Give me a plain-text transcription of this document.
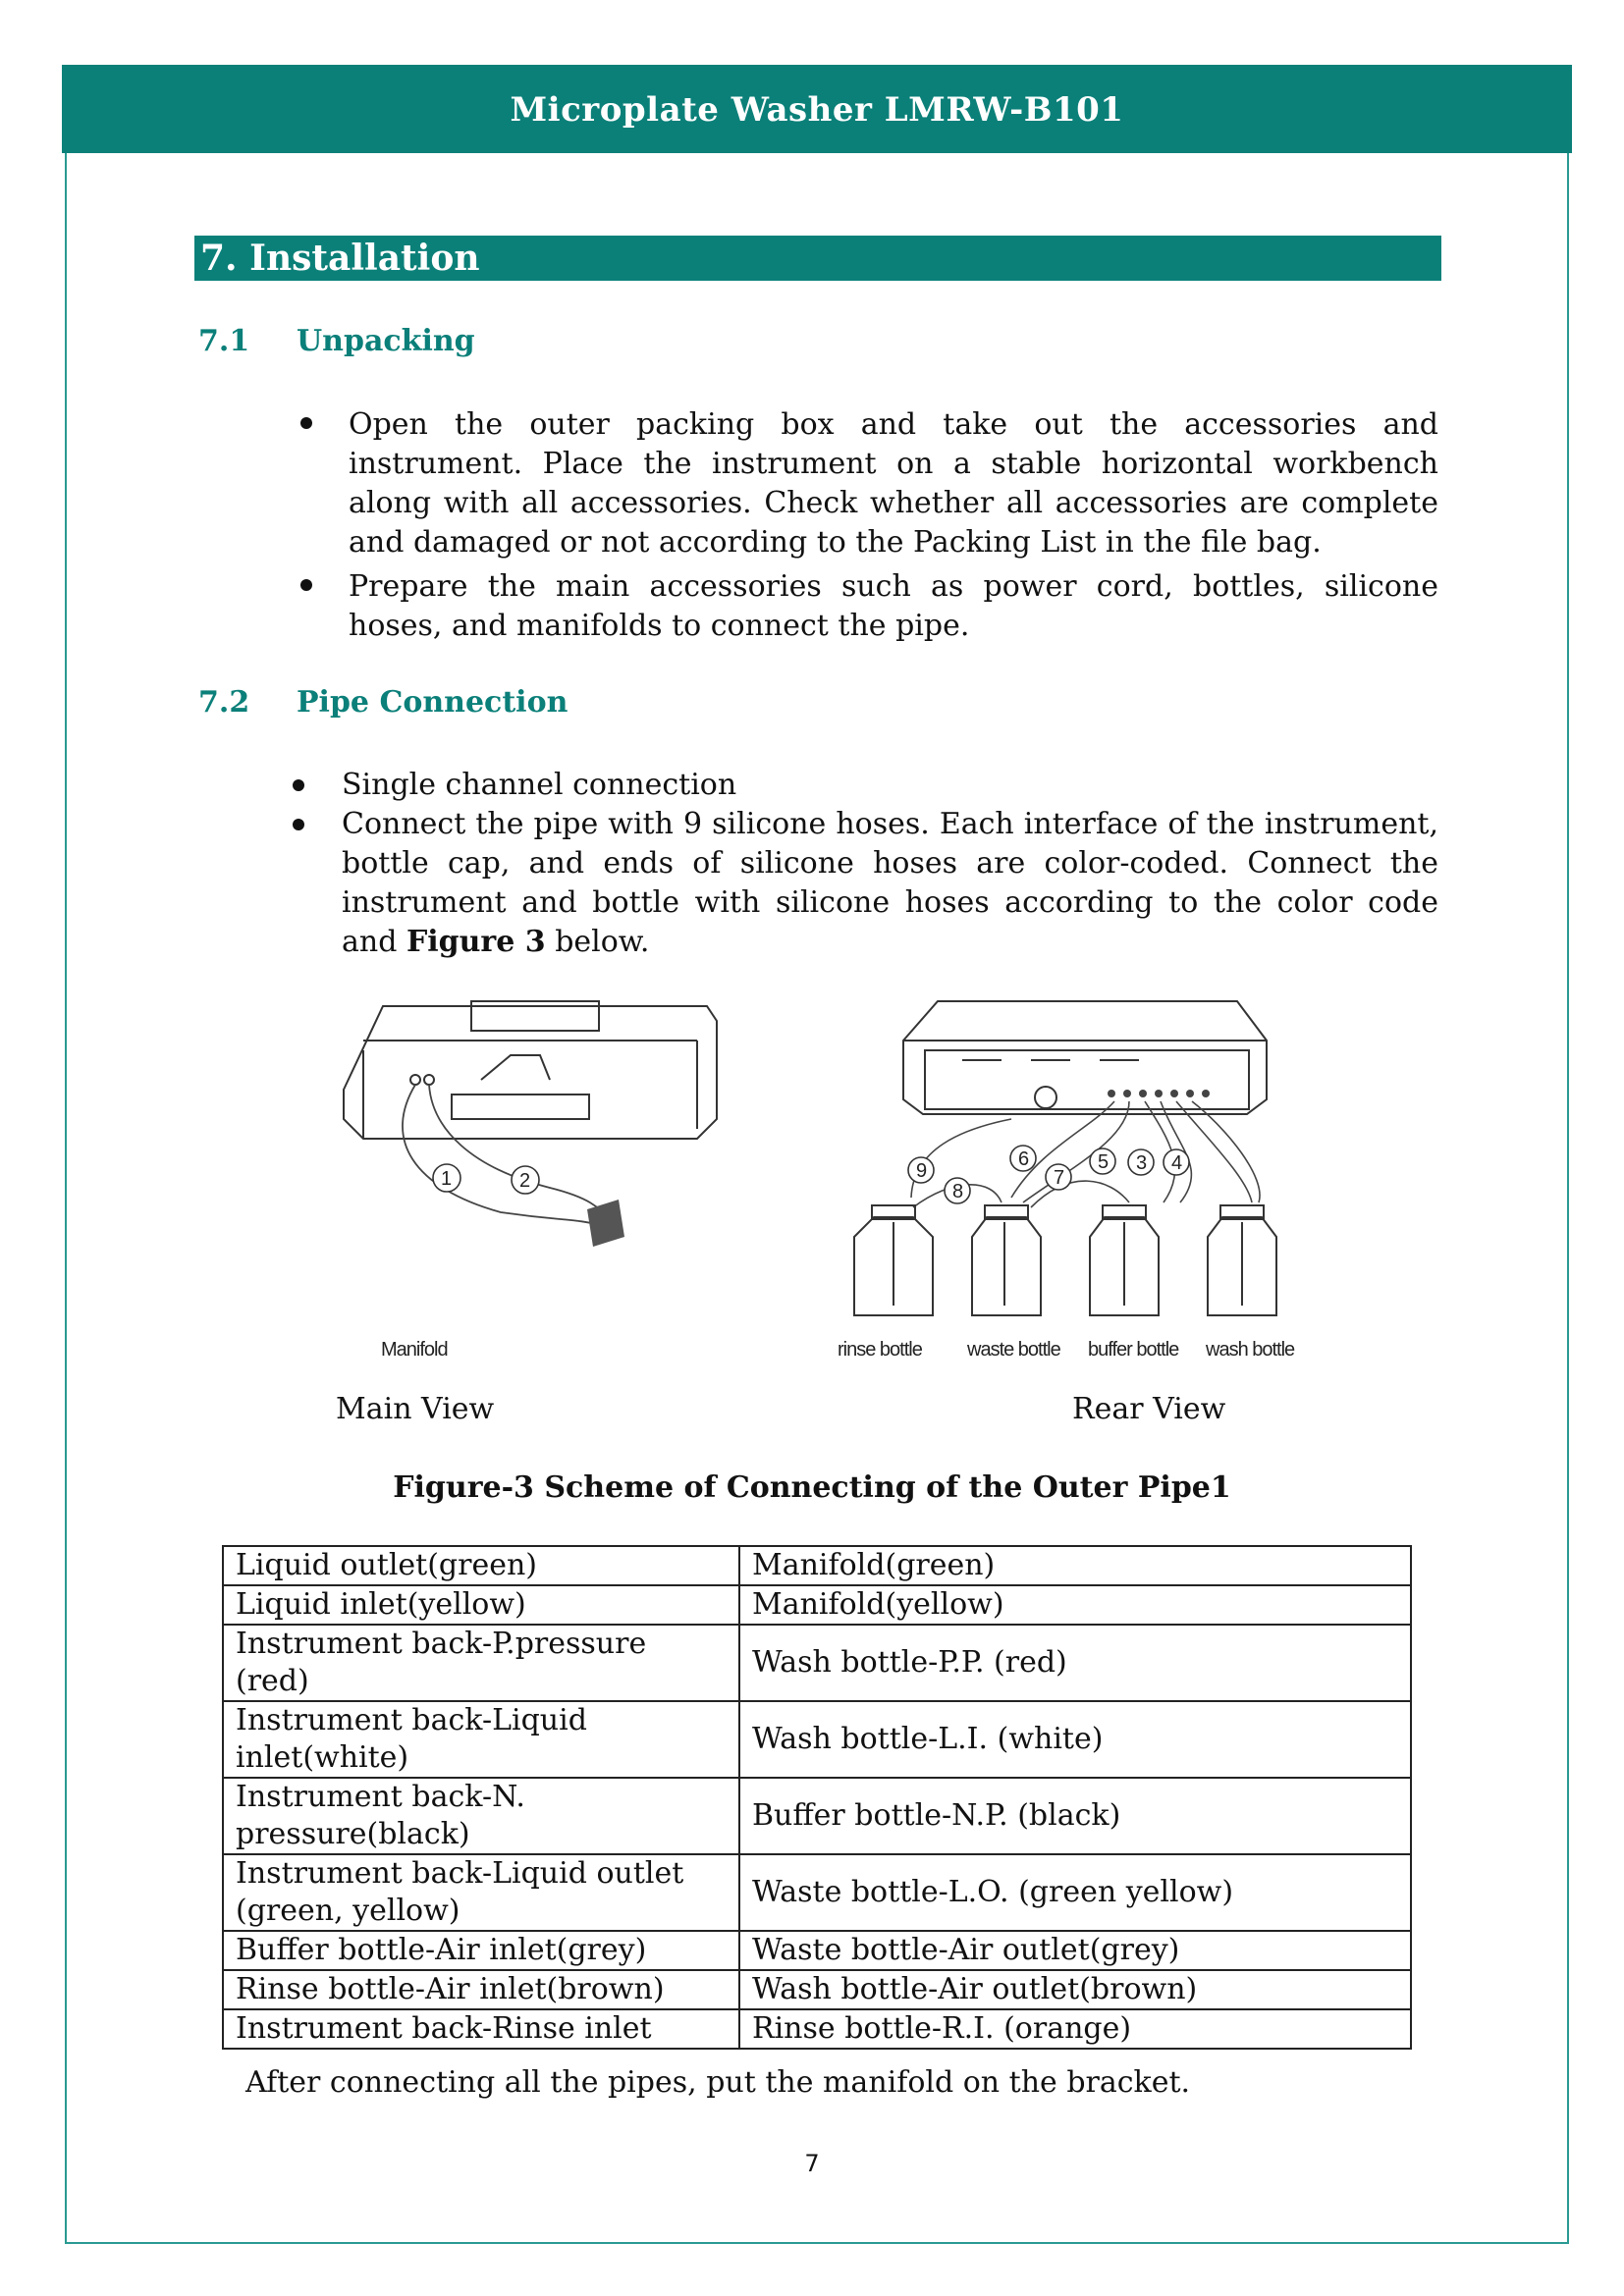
Microplate Washer LMRW-B101
7. Installation
7.1 Unpacking
Open the outer packing box and take out the accessories and instrument. Place the instrument on a stable horizontal workbench along with all accessories. Check whether all accessories are complete and damaged or not according to the Packing List in the file bag.
Prepare the main accessories such as power cord, bottles, silicone hoses, and manifolds to connect the pipe.
7.2 Pipe Connection
Single channel connection
Connect the pipe with 9 silicone hoses. Each interface of the instrument, bottle cap, and ends of silicone hoses are color-coded. Connect the instrument and bottle with silicone hoses according to the color code and Figure 3 below.
1	2
Manifold
9
8
6
7
5 3 4
rinse bottle waste bottle buffer bottle wash bottle
Main View	Rear View
Figure-3 Scheme of Connecting of the Outer Pipe1
Liquid outlet(green)	Manifold(green)
Liquid inlet(yellow)	Manifold(yellow)
Instrument back-P.pressure (red)	Wash bottle-P.P. (red)
Instrument back-Liquid inlet(white)	Wash bottle-L.I. (white)
Instrument back-N. pressure(black)	Buffer bottle-N.P. (black)
Instrument back-Liquid outlet (green, yellow)	Waste bottle-L.O. (green yellow)
Buffer bottle-Air inlet(grey)	Waste bottle-Air outlet(grey)
Rinse bottle-Air inlet(brown)	Wash bottle-Air outlet(brown)
Instrument back-Rinse inlet	Rinse bottle-R.I. (orange)
After connecting all the pipes, put the manifold on the bracket.
7
